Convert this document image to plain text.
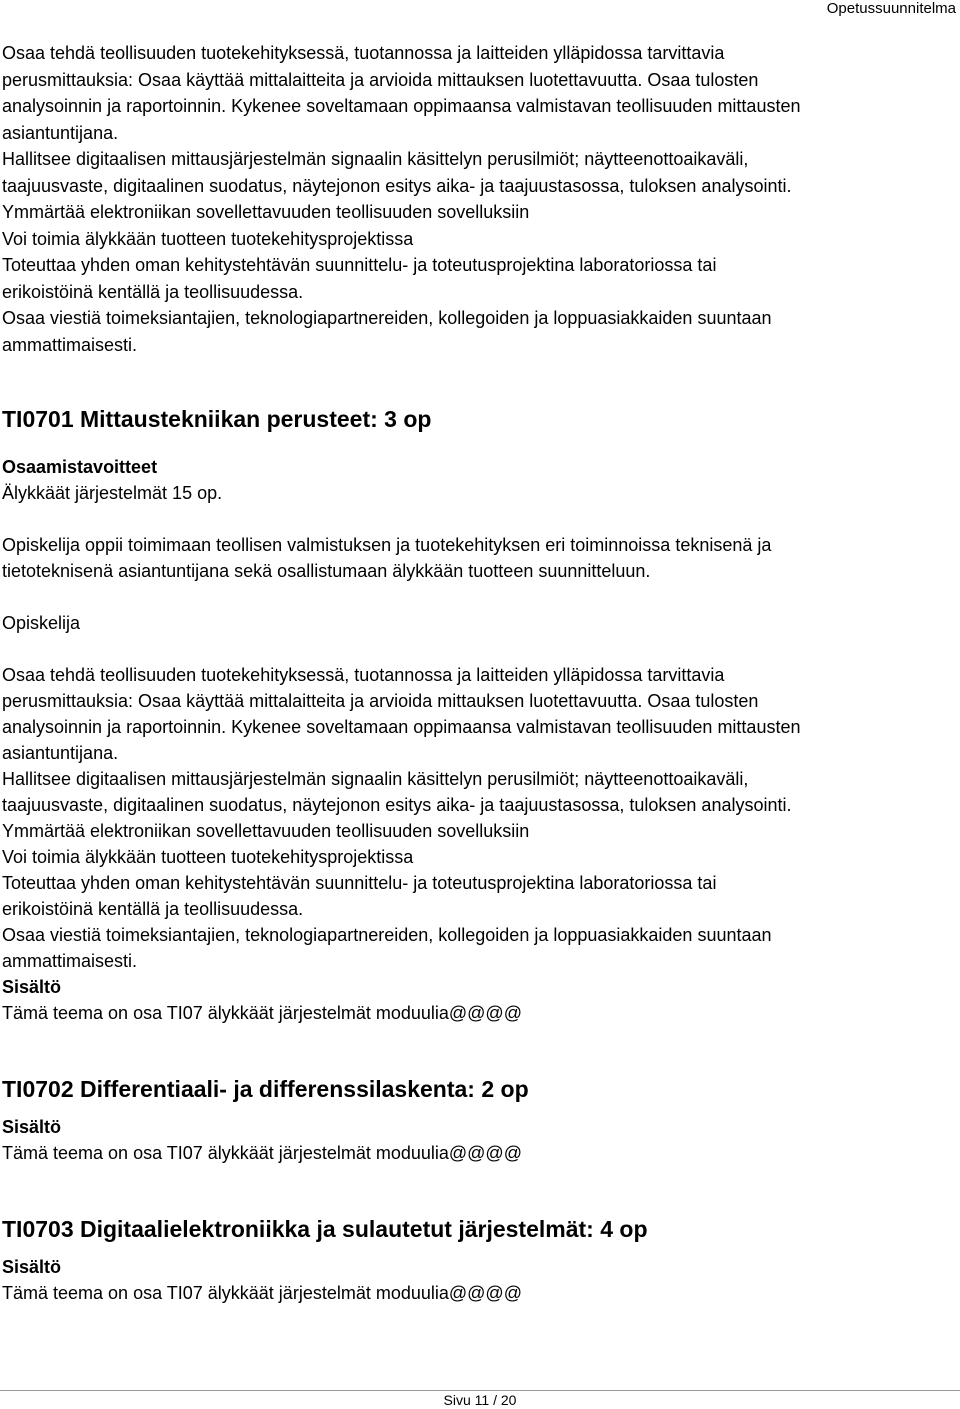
Opetussuunnitelma
Osaa tehdä teollisuuden tuotekehityksessä, tuotannossa ja laitteiden ylläpidossa tarvittavia
perusmittauksia: Osaa käyttää mittalaitteita ja arvioida mittauksen luotettavuutta. Osaa tulosten
analysoinnin ja raportoinnin. Kykenee soveltamaan oppimaansa valmistavan teollisuuden mittausten
asiantuntijana.
Hallitsee digitaalisen mittausjärjestelmän signaalin käsittelyn perusilmiöt; näytteenottoaikaväli,
taajuusvaste, digitaalinen suodatus, näytejonon esitys aika- ja taajuustasossa, tuloksen analysointi.
Ymmärtää elektroniikan sovellettavuuden teollisuuden sovelluksiin
Voi toimia älykkään tuotteen tuotekehitysprojektissa
Toteuttaa yhden oman kehitystehtävän suunnittelu- ja toteutusprojektina laboratoriossa tai
erikoistöinä kentällä ja teollisuudessa.
Osaa viestiä toimeksiantajien, teknologiapartnereiden, kollegoiden ja loppuasiakkaiden suuntaan
ammattimaisesti.
TI0701 Mittaustekniikan perusteet: 3 op
Osaamistavoitteet
Älykkäät järjestelmät 15 op.
Opiskelija oppii toimimaan teollisen valmistuksen ja tuotekehityksen eri toiminnoissa teknisenä ja
tietoteknisenä asiantuntijana sekä osallistumaan älykkään tuotteen suunnitteluun.
Opiskelija
Osaa tehdä teollisuuden tuotekehityksessä, tuotannossa ja laitteiden ylläpidossa tarvittavia
perusmittauksia: Osaa käyttää mittalaitteita ja arvioida mittauksen luotettavuutta. Osaa tulosten
analysoinnin ja raportoinnin. Kykenee soveltamaan oppimaansa valmistavan teollisuuden mittausten
asiantuntijana.
Hallitsee digitaalisen mittausjärjestelmän signaalin käsittelyn perusilmiöt; näytteenottoaikaväli,
taajuusvaste, digitaalinen suodatus, näytejonon esitys aika- ja taajuustasossa, tuloksen analysointi.
Ymmärtää elektroniikan sovellettavuuden teollisuuden sovelluksiin
Voi toimia älykkään tuotteen tuotekehitysprojektissa
Toteuttaa yhden oman kehitystehtävän suunnittelu- ja toteutusprojektina laboratoriossa tai
erikoistöinä kentällä ja teollisuudessa.
Osaa viestiä toimeksiantajien, teknologiapartnereiden, kollegoiden ja loppuasiakkaiden suuntaan
ammattimaisesti.
Sisältö
Tämä teema on osa TI07 älykkäät järjestelmät moduulia@@@@
TI0702 Differentiaali- ja differenssilaskenta: 2 op
Sisältö
Tämä teema on osa TI07 älykkäät järjestelmät moduulia@@@@
TI0703 Digitaalielektroniikka ja sulautetut järjestelmät: 4 op
Sisältö
Tämä teema on osa TI07 älykkäät järjestelmät moduulia@@@@
Sivu 11 / 20
